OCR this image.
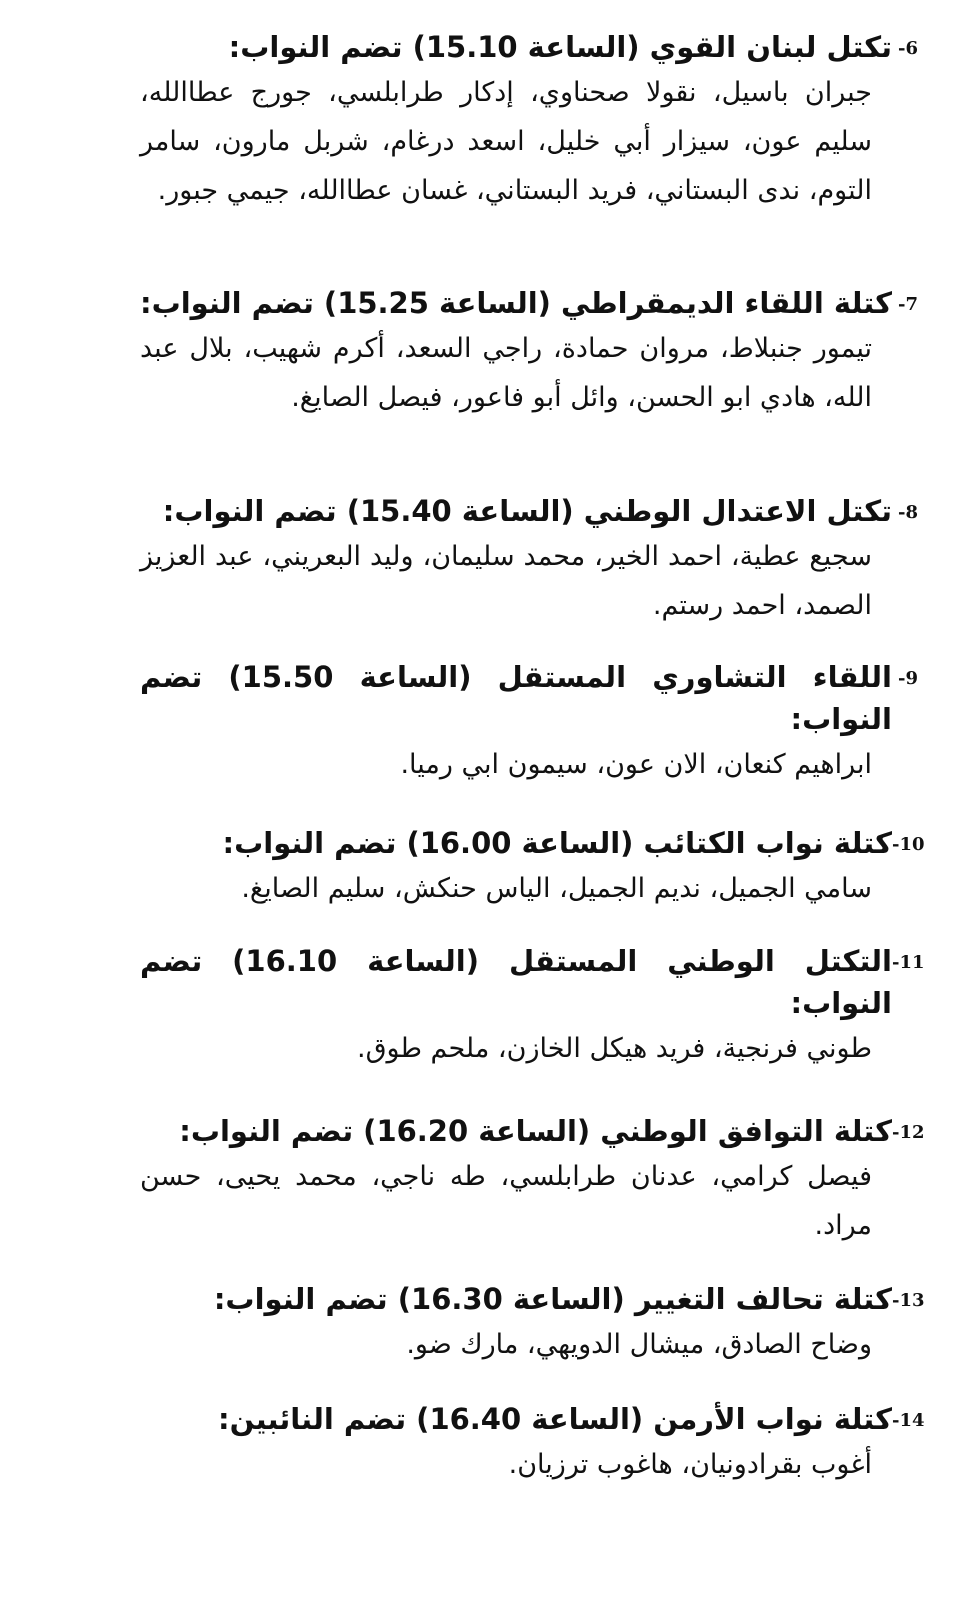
-6
تكتل لبنان القوي (الساعة 15.10) تضم النواب:

جبران باسيل، نقولا صحناوي، إدكار طرابلسي، جورج عطاالله، سليم عون، سيزار أبي خليل، اسعد درغام، شربل مارون، سامر التوم، ندى البستاني، فريد البستاني، غسان عطاالله، جيمي جبور.

-7
كتلة اللقاء الديمقراطي (الساعة 15.25) تضم النواب:

تيمور جنبلاط، مروان حمادة، راجي السعد، أكرم شهيب، بلال عبد الله، هادي ابو الحسن، وائل أبو فاعور، فيصل الصايغ.

-8
تكتل الاعتدال الوطني (الساعة 15.40) تضم النواب:

سجيع عطية، احمد الخير، محمد سليمان، وليد البعريني، عبد العزيز الصمد، احمد رستم.

-9
اللقاء التشاوري المستقل (الساعة 15.50) تضم النواب:

ابراهيم كنعان، الان عون، سيمون ابي رميا.

-10
كتلة نواب الكتائب (الساعة 16.00) تضم النواب:

سامي الجميل، نديم الجميل، الياس حنكش، سليم الصايغ.

-11
التكتل الوطني المستقل (الساعة 16.10) تضم النواب:

طوني فرنجية، فريد هيكل الخازن، ملحم طوق.

-12
كتلة التوافق الوطني (الساعة 16.20) تضم النواب:

فيصل كرامي، عدنان طرابلسي، طه ناجي، محمد يحيى، حسن مراد.

-13
كتلة تحالف التغيير (الساعة 16.30) تضم النواب:

وضاح الصادق، ميشال الدويهي، مارك ضو.

-14
كتلة نواب الأرمن (الساعة 16.40) تضم النائبين:

أغوب بقرادونيان، هاغوب ترزيان.
